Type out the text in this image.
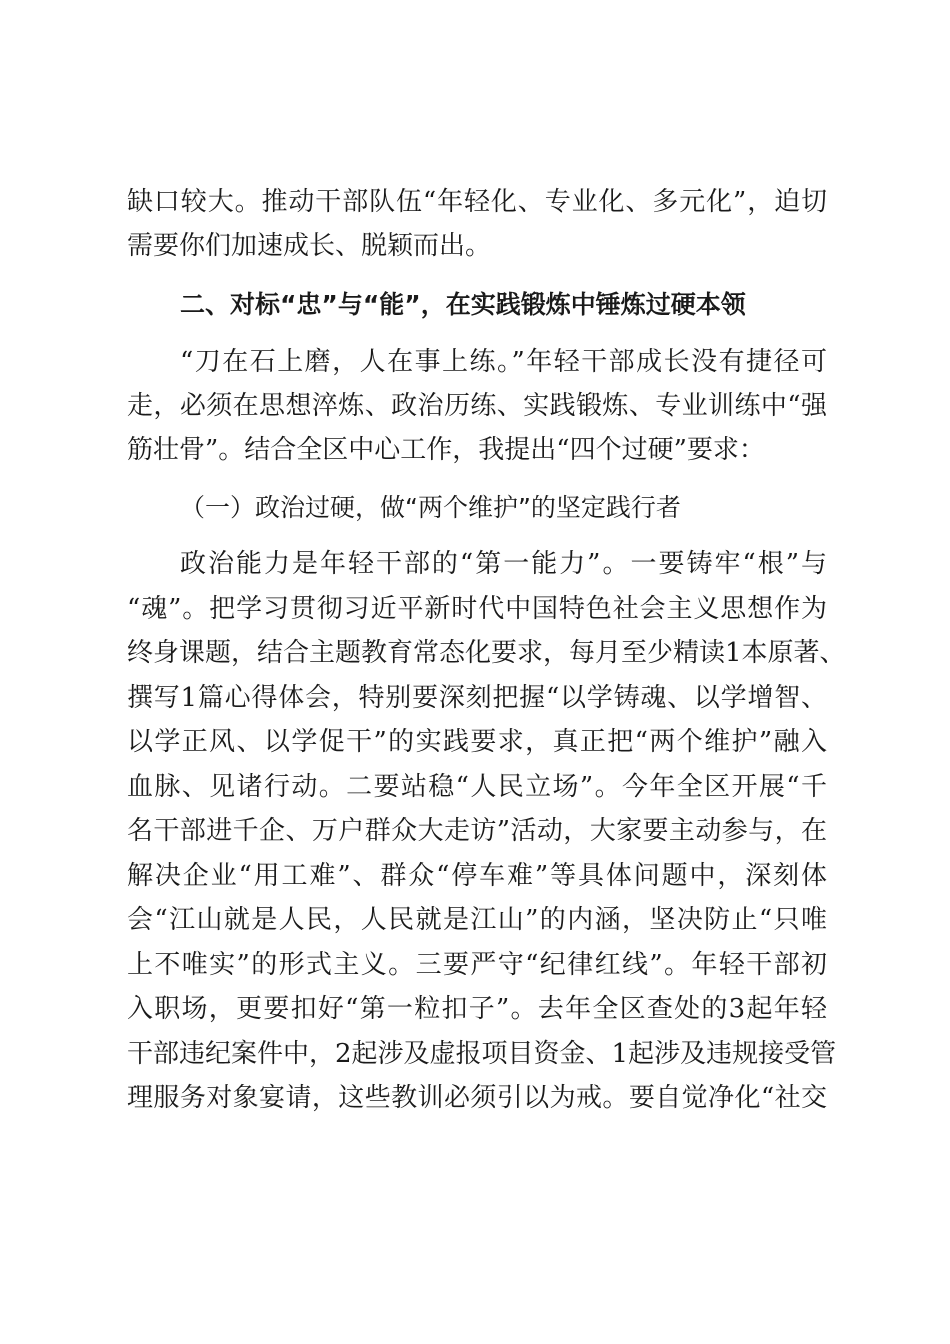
缺口较大。推动干部队伍“年轻化、专业化、多元化”，迫切
需要你们加速成长、脱颖而出。
二、对标“忠”与“能”，在实践锻炼中锤炼过硬本领
“刀在石上磨，人在事上练。”年轻干部成长没有捷径可
走，必须在思想淬炼、政治历练、实践锻炼、专业训练中“强
筋壮骨”。结合全区中心工作，我提出“四个过硬”要求：
（一）政治过硬，做“两个维护”的坚定践行者
政治能力是年轻干部的“第一能力”。一要铸牢“根”与
“魂”。把学习贯彻习近平新时代中国特色社会主义思想作为
终身课题，结合主题教育常态化要求，每月至少精读1本原著、
撰写1篇心得体会，特别要深刻把握“以学铸魂、以学增智、
以学正风、以学促干”的实践要求，真正把“两个维护”融入
血脉、见诸行动。二要站稳“人民立场”。今年全区开展“千
名干部进千企、万户群众大走访”活动，大家要主动参与，在
解决企业“用工难”、群众“停车难”等具体问题中，深刻体
会“江山就是人民，人民就是江山”的内涵，坚决防止“只唯
上不唯实”的形式主义。三要严守“纪律红线”。年轻干部初
入职场，更要扣好“第一粒扣子”。去年全区查处的3起年轻
干部违纪案件中，2起涉及虚报项目资金、1起涉及违规接受管
理服务对象宴请，这些教训必须引以为戒。要自觉净化“社交
